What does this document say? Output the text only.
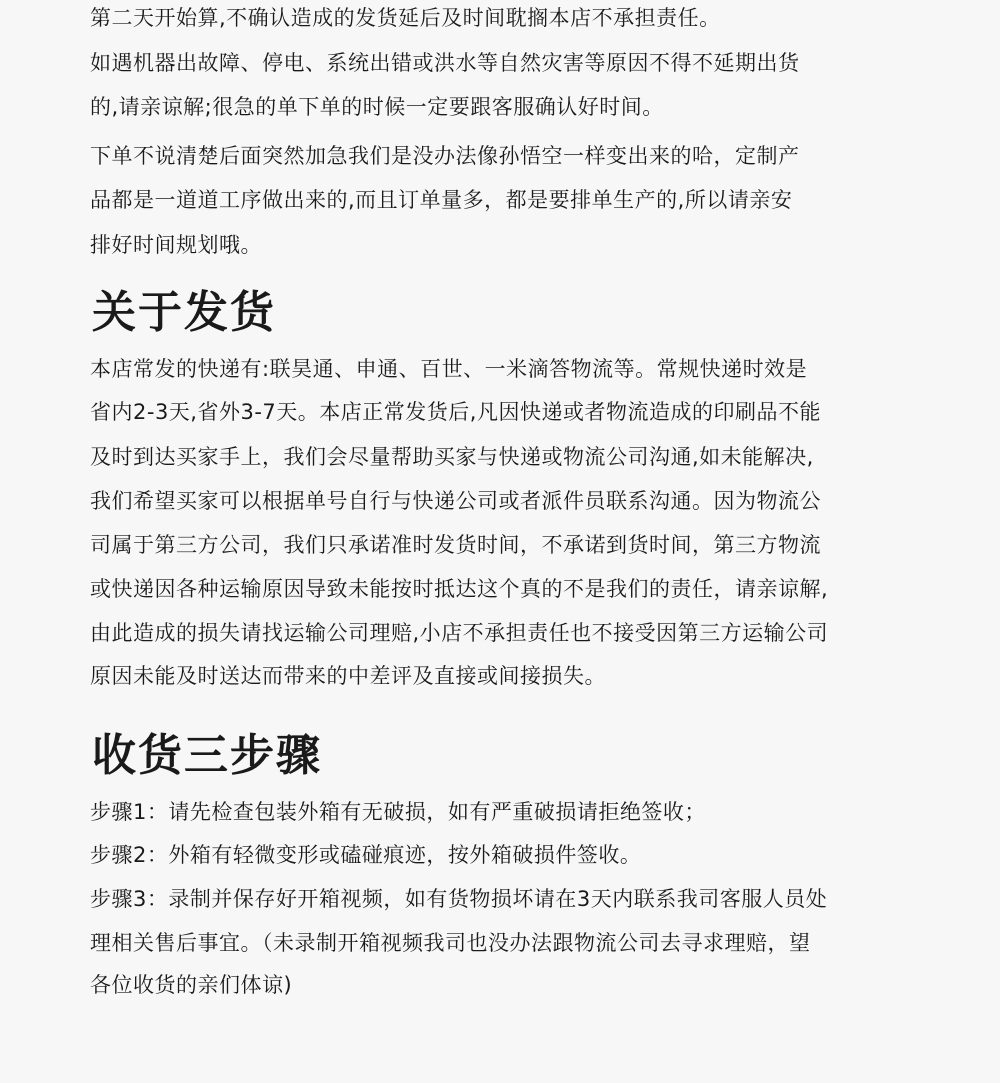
第二天开始算,不确认造成的发货延后及时间耽搁本店不承担责任。
如遇机器出故障、停电、系统出错或洪水等自然灾害等原因不得不延期出货
的,请亲谅解;很急的单下单的时候一定要跟客服确认好时间。
下单不说清楚后面突然加急我们是没办法像孙悟空一样变出来的哈，定制产
品都是一道道工序做出来的,而且订单量多，都是要排单生产的,所以请亲安
排好时间规划哦。
关于发货
本店常发的快递有:联昊通、申通、百世、一米滴答物流等。常规快递时效是
省内2-3天,省外3-7天。本店正常发货后,凡因快递或者物流造成的印刷品不能
及时到达买家手上，我们会尽量帮助买家与快递或物流公司沟通,如未能解决,
我们希望买家可以根据单号自行与快递公司或者派件员联系沟通。因为物流公
司属于第三方公司，我们只承诺准时发货时间，不承诺到货时间，第三方物流
或快递因各种运输原因导致未能按时抵达这个真的不是我们的责任，请亲谅解,
由此造成的损失请找运输公司理赔,小店不承担责任也不接受因第三方运输公司
原因未能及时送达而带来的中差评及直接或间接损失。
收货三步骤
步骤1：请先检查包装外箱有无破损，如有严重破损请拒绝签收；
步骤2：外箱有轻微变形或磕碰痕迹，按外箱破损件签收。
步骤3：录制并保存好开箱视频，如有货物损坏请在3天内联系我司客服人员处
理相关售后事宜。（未录制开箱视频我司也没办法跟物流公司去寻求理赔，望
各位收货的亲们体谅)
